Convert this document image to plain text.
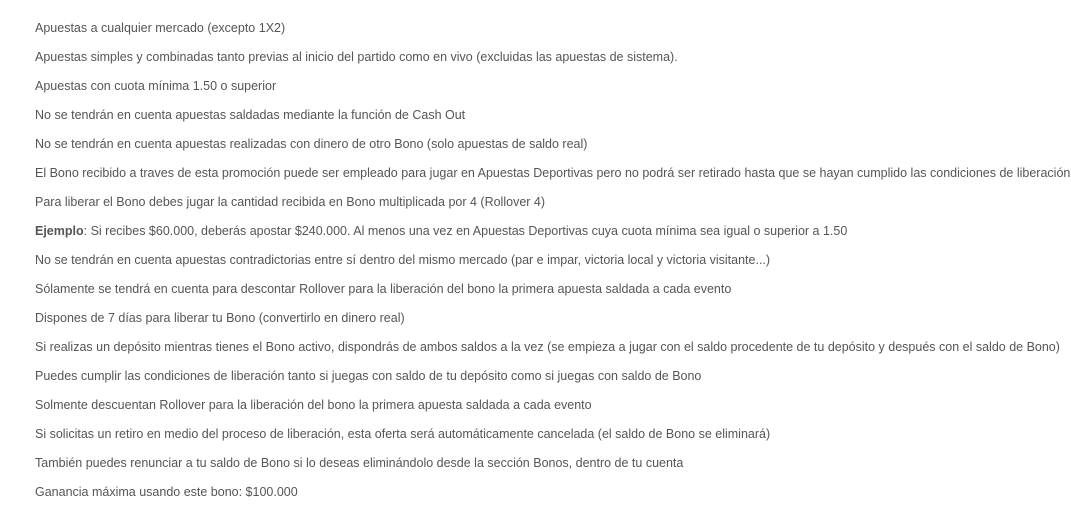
Apuestas a cualquier mercado (excepto 1X2)
Apuestas simples y combinadas tanto previas al inicio del partido como en vivo (excluidas las apuestas de sistema).
Apuestas con cuota mínima 1.50 o superior
No se tendrán en cuenta apuestas saldadas mediante la función de Cash Out
No se tendrán en cuenta apuestas realizadas con dinero de otro Bono (solo apuestas de saldo real)
El Bono recibido a traves de esta promoción puede ser empleado para jugar en Apuestas Deportivas pero no podrá ser retirado hasta que se hayan cumplido las condiciones de liberación
Para liberar el Bono debes jugar la cantidad recibida en Bono multiplicada por 4 (Rollover 4)
Ejemplo: Si recibes $60.000, deberás apostar $240.000. Al menos una vez en Apuestas Deportivas cuya cuota mínima sea igual o superior a 1.50
No se tendrán en cuenta apuestas contradictorias entre sí dentro del mismo mercado (par e impar, victoria local y victoria visitante...)
Sólamente se tendrá en cuenta para descontar Rollover para la liberación del bono la primera apuesta saldada a cada evento
Dispones de 7 días para liberar tu Bono (convertirlo en dinero real)
Si realizas un depósito mientras tienes el Bono activo, dispondrás de ambos saldos a la vez (se empieza a jugar con el saldo procedente de tu depósito y después con el saldo de Bono)
Puedes cumplir las condiciones de liberación tanto si juegas con saldo de tu depósito como si juegas con saldo de Bono
Solmente descuentan Rollover para la liberación del bono la primera apuesta saldada a cada evento
Si solicitas un retiro en medio del proceso de liberación, esta oferta será automáticamente cancelada (el saldo de Bono se eliminará)
También puedes renunciar a tu saldo de Bono si lo deseas eliminándolo desde la sección Bonos, dentro de tu cuenta
Ganancia máxima usando este bono: $100.000
